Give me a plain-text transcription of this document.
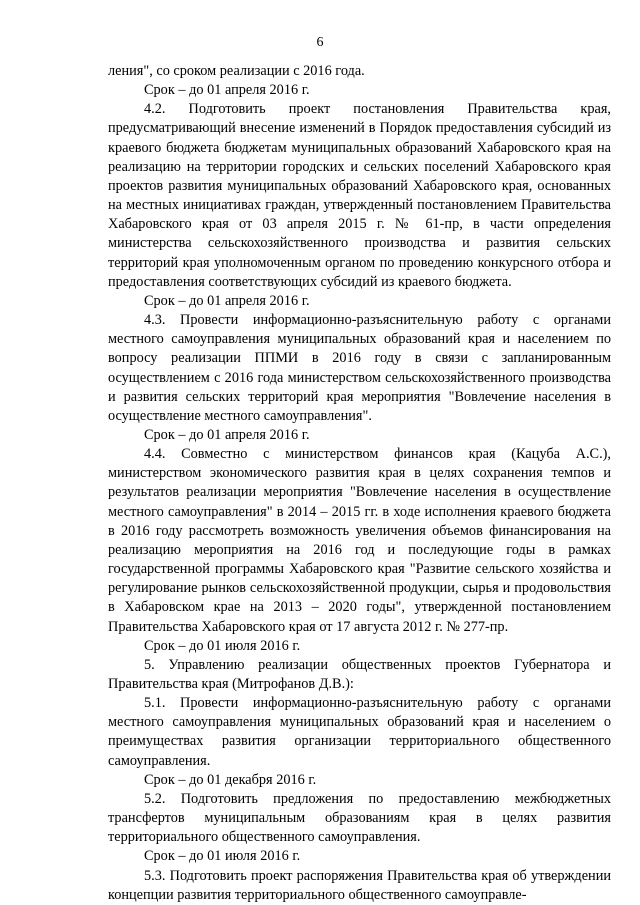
6

ления", со сроком реализации с 2016 года.

Срок – до 01 апреля 2016 г.

4.2. Подготовить проект постановления Правительства края, предусматривающий внесение изменений в Порядок предоставления субсидий из краевого бюджета бюджетам муниципальных образований Хабаровского края на реализацию на территории городских и сельских поселений Хабаровского края проектов развития муниципальных образований Хабаровского края, основанных на местных инициативах граждан, утвержденный постановлением Правительства Хабаровского края от 03 апреля 2015 г. № 61-пр, в части определения министерства сельскохозяйственного производства и развития сельских территорий края уполномоченным органом по проведению конкурсного отбора и предоставления соответствующих субсидий из краевого бюджета.

Срок – до 01 апреля 2016 г.

4.3. Провести информационно-разъяснительную работу с органами местного самоуправления муниципальных образований края и населением по вопросу реализации ППМИ в 2016 году в связи с запланированным осуществлением с 2016 года министерством сельскохозяйственного производства и развития сельских территорий края мероприятия "Вовлечение населения в осуществление местного самоуправления".

Срок – до 01 апреля 2016 г.

4.4. Совместно с министерством финансов края (Кацуба А.С.), министерством экономического развития края в целях сохранения темпов и результатов реализации мероприятия "Вовлечение населения в осуществление местного самоуправления" в 2014 – 2015 гг. в ходе исполнения краевого бюджета в 2016 году рассмотреть возможность увеличения объемов финансирования на реализацию мероприятия на 2016 год и последующие годы в рамках государственной программы Хабаровского края "Развитие сельского хозяйства и регулирование рынков сельскохозяйственной продукции, сырья и продовольствия в Хабаровском крае на 2013 – 2020 годы", утвержденной постановлением Правительства Хабаровского края от 17 августа 2012 г. № 277-пр.

Срок – до 01 июля 2016 г.

5. Управлению реализации общественных проектов Губернатора и Правительства края (Митрофанов Д.В.):

5.1. Провести информационно-разъяснительную работу с органами местного самоуправления муниципальных образований края и населением о преимуществах развития организации территориального общественного самоуправления.

Срок – до 01 декабря 2016 г.

5.2. Подготовить предложения по предоставлению межбюджетных трансфертов муниципальным образованиям края в целях развития территориального общественного самоуправления.

Срок – до 01 июля 2016 г.

5.3. Подготовить проект распоряжения Правительства края об утверждении концепции развития территориального общественного самоуправле-
